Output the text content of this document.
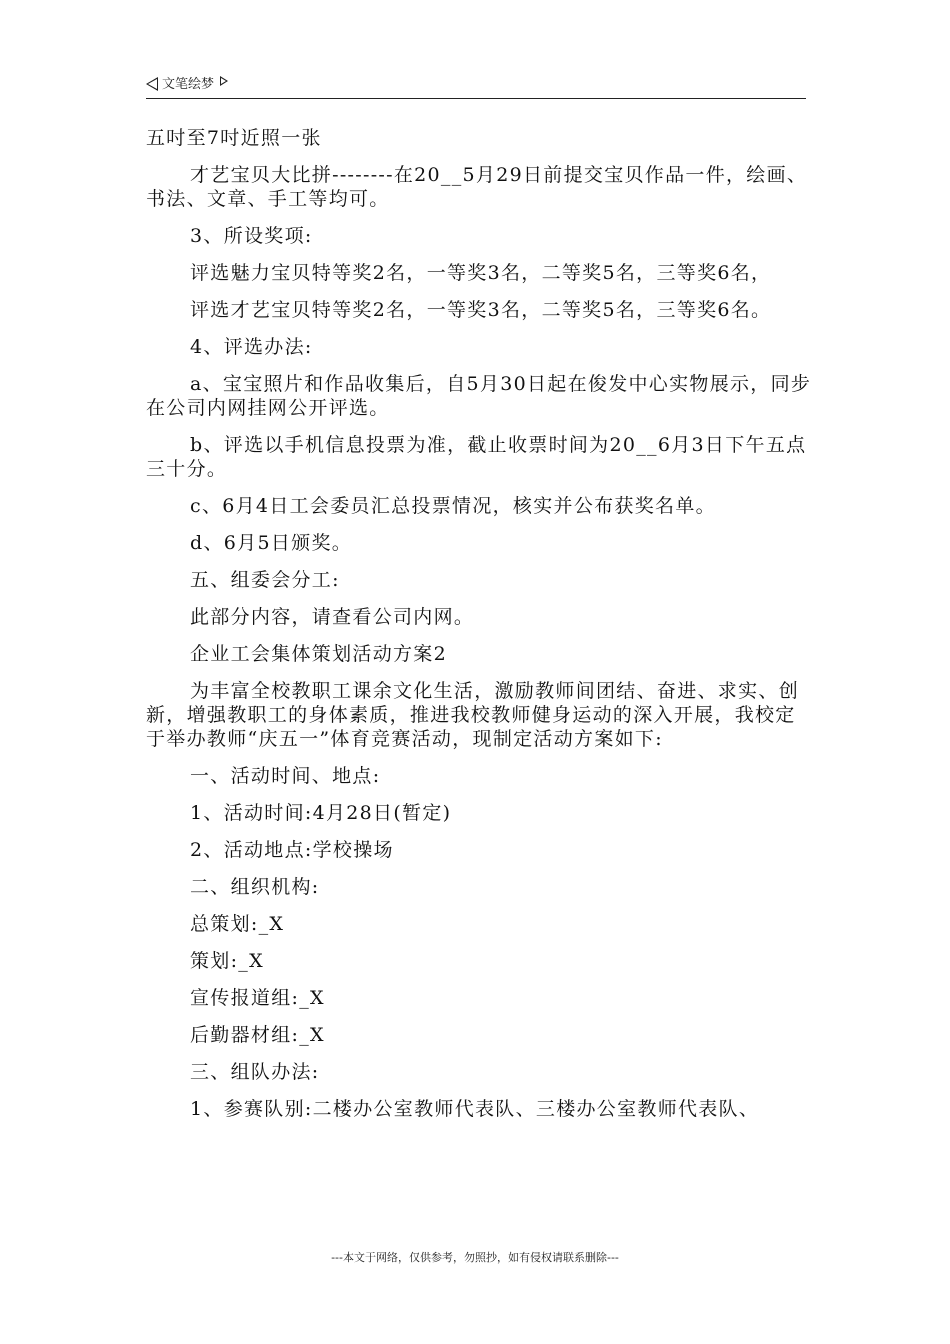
文笔绘梦

五吋至7吋近照一张

才艺宝贝大比拼--------在20__5月29日前提交宝贝作品一件，绘画、书法、文章、手工等均可。

3、所设奖项:

评选魅力宝贝特等奖2名，一等奖3名，二等奖5名，三等奖6名，

评选才艺宝贝特等奖2名，一等奖3名，二等奖5名，三等奖6名。

4、评选办法:

a、宝宝照片和作品收集后，自5月30日起在俊发中心实物展示，同步在公司内网挂网公开评选。

b、评选以手机信息投票为准，截止收票时间为20__6月3日下午五点三十分。

c、6月4日工会委员汇总投票情况，核实并公布获奖名单。

d、6月5日颁奖。

五、组委会分工:

此部分内容，请查看公司内网。

企业工会集体策划活动方案2

为丰富全校教职工课余文化生活，激励教师间团结、奋进、求实、创新，增强教职工的身体素质，推进我校教师健身运动的深入开展，我校定于举办教师“庆五一”体育竞赛活动，现制定活动方案如下:

一、活动时间、地点:

1、活动时间:4月28日(暂定)

2、活动地点:学校操场

二、组织机构:

总策划:_X

策划:_X

宣传报道组:_X

后勤器材组:_X

三、组队办法:

1、参赛队别:二楼办公室教师代表队、三楼办公室教师代表队、

---本文于网络，仅供参考，勿照抄，如有侵权请联系删除---
